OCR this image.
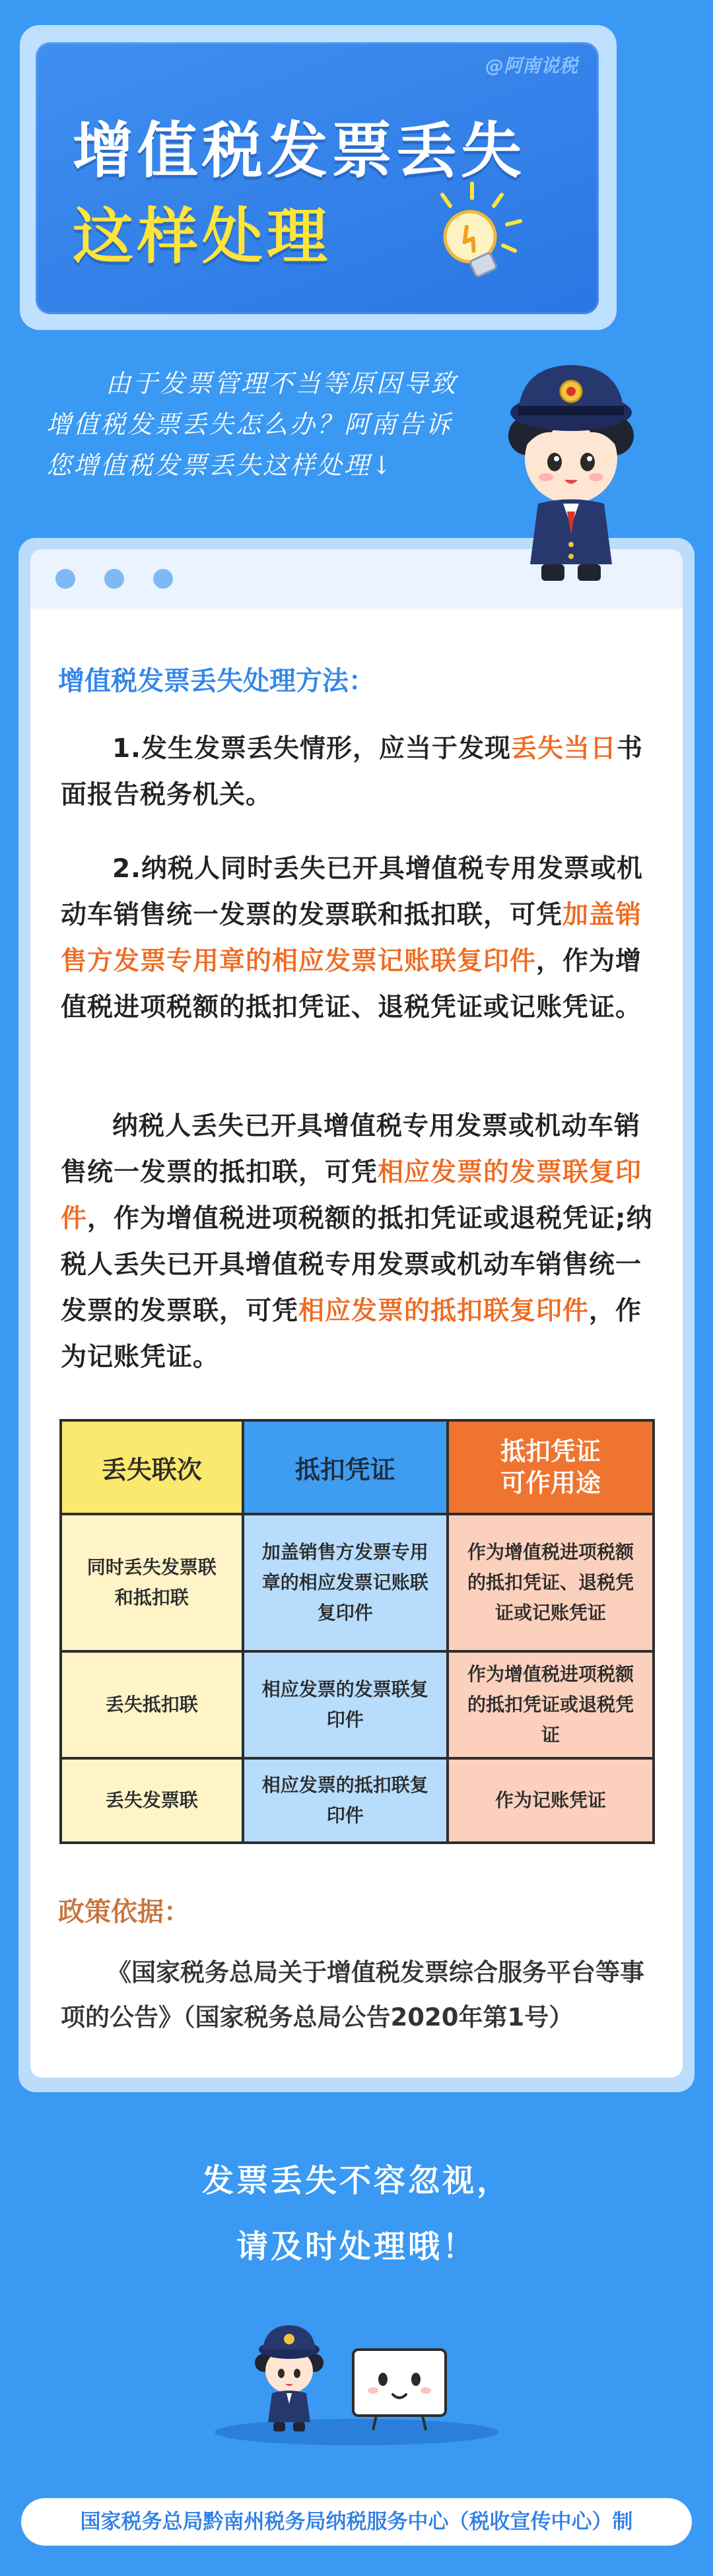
@阿南说税
增值税发票丢失
这样处理

由于发票管理不当等原因导致

增值税发票丢失怎么办？阿南告诉

您增值税发票丢失这样处理↓

增值税发票丢失处理方法：
1.发生发票丢失情形，应当于发现丢失当日书面报告税务机关。
2.纳税人同时丢失已开具增值税专用发票或机动车销售统一发票的发票联和抵扣联，可凭加盖销售方发票专用章的相应发票记账联复印件，作为增值税进项税额的抵扣凭证、退税凭证或记账凭证。
纳税人丢失已开具增值税专用发票或机动车销售统一发票的抵扣联，可凭相应发票的发票联复印件，作为增值税进项税额的抵扣凭证或退税凭证;纳税人丢失已开具增值税专用发票或机动车销售统一发票的发票联，可凭相应发票的抵扣联复印件，作为记账凭证。
丢失联次	抵扣凭证	抵扣凭证
可作用途
同时丢失发票联
和抵扣联	加盖销售方发票专用章的相应发票记账联复印件	作为增值税进项税额的抵扣凭证、退税凭证或记账凭证
丢失抵扣联	相应发票的发票联复印件	作为增值税进项税额的抵扣凭证或退税凭证
丢失发票联	相应发票的抵扣联复印件	作为记账凭证
政策依据：
《国家税务总局关于增值税发票综合服务平台等事项的公告》（国家税务总局公告2020年第1号）
发票丢失不容忽视，
请及时处理哦！
国家税务总局黔南州税务局纳税服务中心（税收宣传中心）制
